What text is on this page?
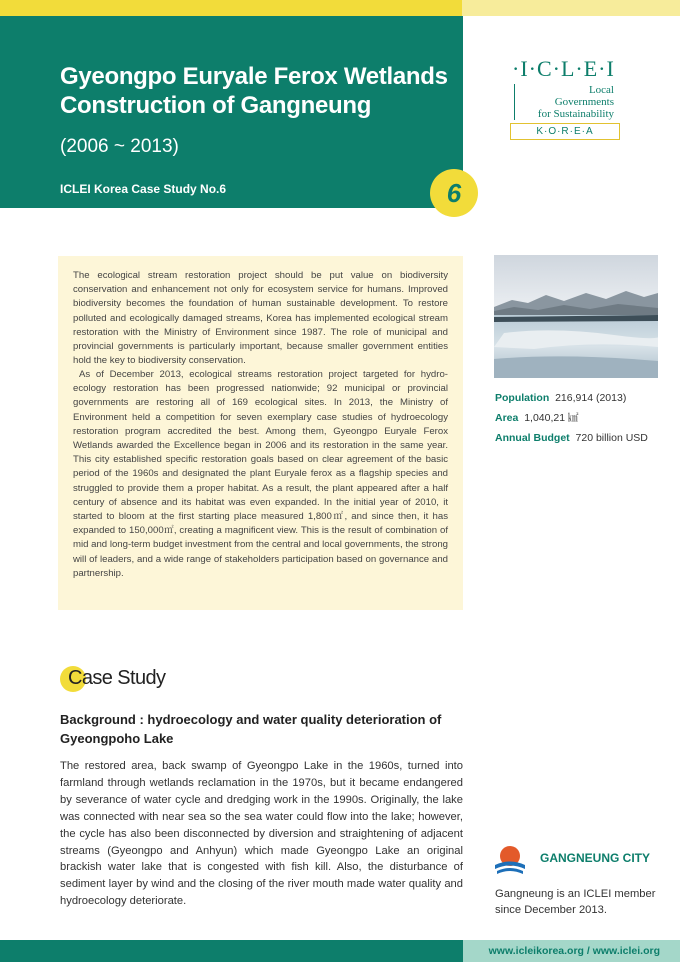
Gyeongpo Euryale Ferox Wetlands
Construction of Gangneung
(2006 ~ 2013)
ICLEI Korea Case Study No.6	6
·I·C·L·E·I
Local
Governments
for Sustainability
K·O·R·E·A

The ecological stream restoration project should be put value on biodiversity conservation and enhancement not only for ecosystem service for humans. Improved biodiversity becomes the foundation of human sustainable development. To restore polluted and ecologically damaged streams, Korea has implemented ecological stream restoration with the Ministry of Environment since 1987. The role of municipal and provincial governments is particularly important, because smaller government entities hold the key to biodiversity conservation.

As of December 2013, ecological streams restoration project targeted for hydro-ecology restoration has been progressed nationwide; 92 municipal or provincial governments are restoring all of 169 ecological sites. In 2013, the Ministry of Environment held a competition for seven exemplary case studies of hydroecology restoration program accredited the best. Among them, Gyeongpo Euryale Ferox Wetlands awarded the Excellence began in 2006 and its restoration in the same year. This city established specific restoration goals based on clear agreement of the basic period of the 1960s and designated the plant Euryale ferox as a flagship species and struggled to provide them a proper habitat. As a result, the plant appeared after a half century of absence and its habitat was even expanded. In the initial year of 2010, it started to bloom at the first starting place measured 1,800㎡, and since then, it has expanded to 150,000㎡, creating a magnificent view. This is the result of combination of mid and long-term budget investment from the central and local governments, the strong will of leaders, and a wide range of stakeholders participation based on governance and partnership.

Population 216,914 (2013)
Area 1,040,21 ㎢
Annual Budget 720 billion USD
Case Study
Background : hydroecology and water quality deterioration of Gyeongpoho Lake
The restored area, back swamp of Gyeongpo Lake in the 1960s, turned into farmland through wetlands reclamation in the 1970s, but it became endangered by severance of water cycle and dredging work in the 1990s. Originally, the lake was connected with near sea so the sea water could flow into the lake; however, the cycle has also been disconnected by diversion and straightening of adjacent streams (Gyeongpo and Anhyun) which made Gyeongpo Lake an original brackish water lake that is congested with fish kill. Also, the disturbance of sediment layer by wind and the closing of the river mouth made water quality and hydroecology deteriorate.
GANGNEUNG CITY
Gangneung is an ICLEI member since December 2013.
www.icleikorea.org / www.iclei.org
